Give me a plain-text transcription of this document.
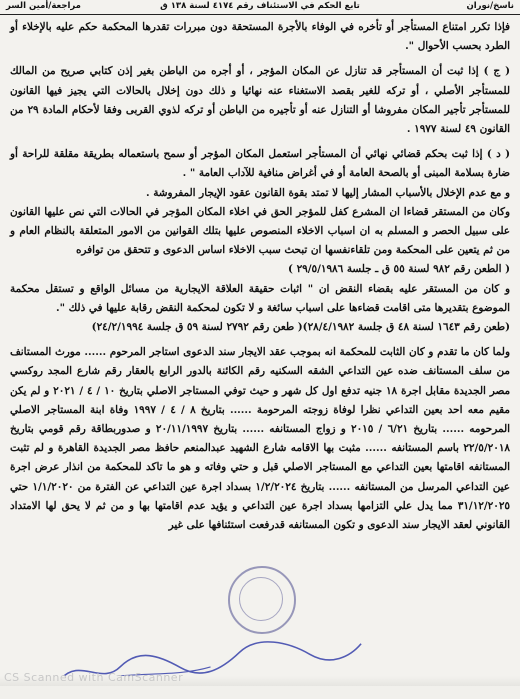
ناسخ/نوران
تابع الحكم في الاستئناف رقم ٤١٧٤ لسنة ١٣٨ ق
مراجعة/أمين السر

فإذا تكرر امتناع المستأجر أو تأخره في الوفاء بالأجرة المستحقة دون مبررات تقدرها المحكمة حكم عليه بالإخلاء أو الطرد بحسب الأحوال ".

( ج ) إذا ثبت أن المستأجر قد تنازل عن المكان المؤجر ، أو أجره من الباطن بغير إذن كتابي صريح من المالك للمستأجر الأصلي ، أو تركه للغير بقصد الاستغناء عنه نهائيا و ذلك دون إخلال بالحالات التي يجيز فيها القانون للمستأجر تأجير المكان مفروشا أو التنازل عنه أو تأجيره من الباطن أو تركه لذوي القربى وفقا لأحكام المادة ٢٩ من القانون ٤٩ لسنة ١٩٧٧ .

( د ) إذا ثبت بحكم قضائي نهائي أن المستأجر استعمل المكان المؤجر أو سمح باستعماله بطريقة مقلقة للراحة أو ضارة بسلامة المبنى أو بالصحة العامة أو في أغراض منافية للآداب العامة " .

و مع عدم الإخلال بالأسباب المشار إليها لا تمتد بقوة القانون عقود الإيجار المفروشة .

وكان من المستقر قضاءا ان المشرع كفل للمؤجر الحق في اخلاء المكان المؤجر في الحالات التي نص عليها القانون على سبيل الحصر و المسلم به ان اسباب الاخلاء المنصوص عليها بتلك القوانين من الامور المتعلقة بالنظام العام و من ثم يتعين على المحكمة ومن تلقاءنفسها ان تبحث سبب الاخلاء اساس الدعوى و تتحقق من توافره

( الطعن رقم ٩٨٢ لسنة ٥٥ ق ـ جلسة ٢٩/٥/١٩٨٦ )

و كان من المستقر عليه بقضاء النقض ان " اثبات حقيقة العلاقة الايجارية من مسائل الواقع و تستقل محكمة الموضوع بتقديرها متى اقامت قضاءها على اسباب سائغة و لا تكون لمحكمة النقض رقابة عليها في ذلك ".

(طعن رقم ١٦٤٣ لسنة ٤٨ ق جلسة ٢٨/٤/١٩٨٢)( طعن رقم ٢٧٩٢ لسنة ٥٩ ق جلسة ٢٤/٢/١٩٩٤)

ولما كان ما تقدم و كان الثابت للمحكمة انه بموجب عقد الايجار سند الدعوى استاجر المرحوم ...... مورث المستانف من سلف المستانف ضده عين التداعي الشقه السكنيه رقم الكائنة بالدور الرابع بالعقار رقم شارع المجد روكسي مصر الجديدة مقابل اجرة ١٨ جنيه تدفع اول كل شهر و حيث توفي المستاجر الاصلي بتاريخ ١٠ / ٤ / ٢٠٢١ و لم يكن مقيم معه احد بعين التداعي نظرا لوفاة زوجته المرحومة ...... بتاريخ ٨ / ٤ / ١٩٩٧ وفاة ابنة المستاجر الاصلي المرحومه ...... بتاريخ ٦/٢١ / ٢٠١٥ و زواج المستانفه ...... بتاريخ ٢٠/١١/١٩٩٧ و صدوربطاقة رقم قومي بتاريخ ٢٢/٥/٢٠١٨ باسم المستانفه ...... مثبت بها الاقامه شارع الشهيد عبدالمنعم حافظ مصر الجديدة القاهرة و لم تثبت المستانفه اقامتها بعين التداعي مع المستاجر الاصلي قبل و حتي وفاته و هو ما تاكد للمحكمة من انذار عرض اجرة عين التداعي المرسل من المستانفه ...... بتاريخ ١/٢/٢٠٢٤ بسداد اجرة عين التداعي عن الفترة من ١/١/٢٠٢٠ حتي ٣١/١٢/٢٠٢٥ مما يدل علي التزامها بسداد اجرة عين التداعي و يؤيد عدم اقامتها بها و من ثم لا يحق لها الامتداد القانوني لعقد الايجار سند الدعوى و تكون المستانفه قدرفعت استئنافها على غير

CS Scanned with CamScanner
